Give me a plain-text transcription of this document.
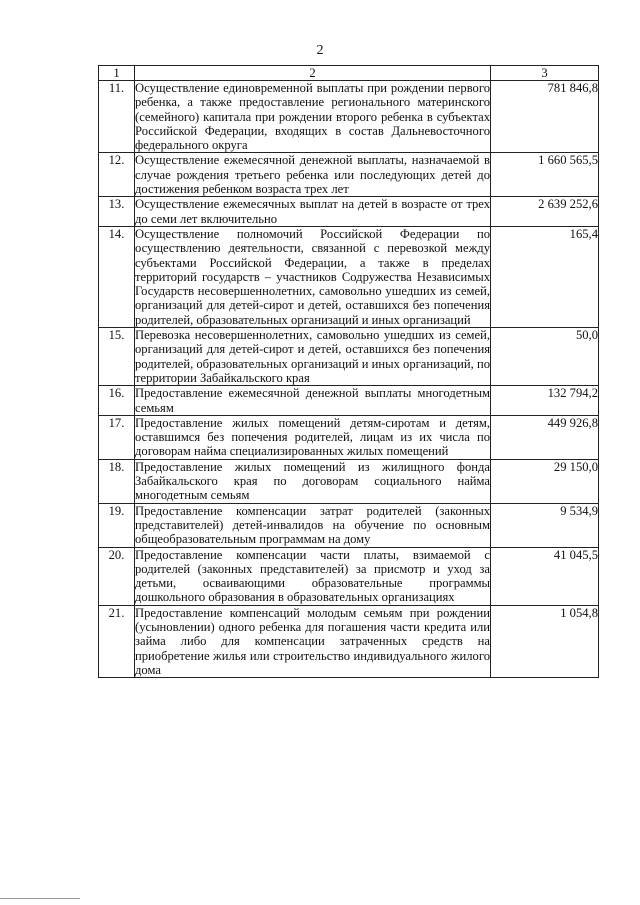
2
1	2	3
11.	Осуществление единовременной выплаты при рождении первого ребенка, а также предоставление регионального материнского (семейного) капитала при рождении второго ребенка в субъектах Российской Федерации, входящих в состав Дальневосточного федерального округа	781 846,8
12.	Осуществление ежемесячной денежной выплаты, назначаемой в случае рождения третьего ребенка или последующих детей до достижения ребенком возраста трех лет	1 660 565,5
13.	Осуществление ежемесячных выплат на детей в возрасте от трех до семи лет включительно	2 639 252,6
14.	Осуществление полномочий Российской Федерации по осуществлению деятельности, связанной с перевозкой между субъектами Российской Федерации, а также в пределах территорий государств – участников Содружества Независимых Государств несовершеннолетних, самовольно ушедших из семей, организаций для детей-сирот и детей, оставшихся без попечения родителей, образовательных организаций и иных организаций	165,4
15.	Перевозка несовершеннолетних, самовольно ушедших из семей, организаций для детей-сирот и детей, оставшихся без попечения родителей, образовательных организаций и иных организаций, по территории Забайкальского края	50,0
16.	Предоставление ежемесячной денежной выплаты многодетным семьям	132 794,2
17.	Предоставление жилых помещений детям-сиротам и детям, оставшимся без попечения родителей, лицам из их числа по договорам найма специализированных жилых помещений	449 926,8
18.	Предоставление жилых помещений из жилищного фонда Забайкальского края по договорам социального найма многодетным семьям	29 150,0
19.	Предоставление компенсации затрат родителей (законных представителей) детей-инвалидов на обучение по основным общеобразовательным программам на дому	9 534,9
20.	Предоставление компенсации части платы, взимаемой с родителей (законных представителей) за присмотр и уход за детьми, осваивающими образовательные программы дошкольного образования в образовательных организациях	41 045,5
21.	Предоставление компенсаций молодым семьям при рождении (усыновлении) одного ребенка для погашения части кредита или займа либо для компенсации затраченных средств на приобретение жилья или строительство индивидуального жилого дома	1 054,8
